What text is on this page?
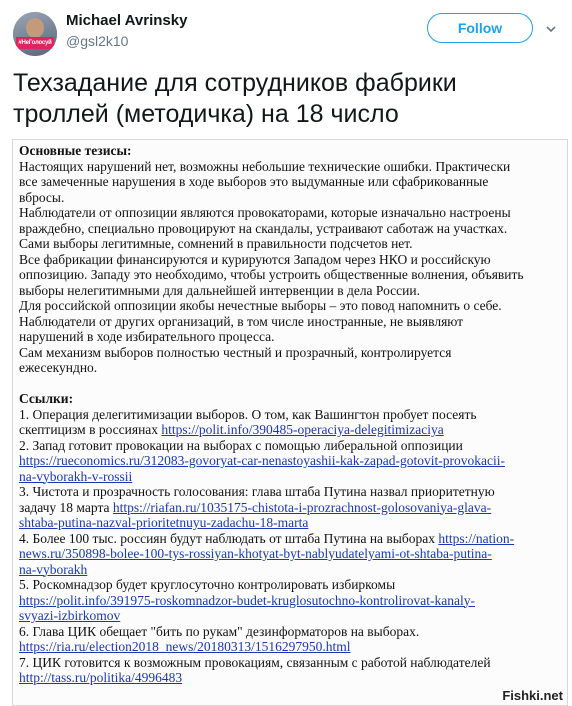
#НеГолосуй
Michael Avrinsky
@gsl2k10
Follow

Техзадание для сотрудников фабрики троллей (методичка) на 18 число

Основные тезисы:
Настоящих нарушений нет, возможны небольшие технические ошибки. Практически
все замеченные нарушения в ходе выборов это выдуманные или сфабрикованные
вбросы.
Наблюдатели от оппозиции являются провокаторами, которые изначально настроены
враждебно, специально провоцируют на скандалы, устраивают саботаж на участках.
Сами выборы легитимные, сомнений в правильности подсчетов нет.
Все фабрикации финансируются и курируются Западом через НКО и российскую
оппозицию. Западу это необходимо, чтобы устроить общественные волнения, объявить
выборы нелегитимными для дальнейшей интервенции в дела России.
Для российской оппозиции якобы нечестные выборы – это повод напомнить о себе.
Наблюдатели от других организаций, в том числе иностранные, не выявляют
нарушений в ходе избирательного процесса.
Сам механизм выборов полностью честный и прозрачный, контролируется
ежесекундно.
Ссылки:
1. Операция делегитимизации выборов. О том, как Вашингтон пробует посеять
скептицизм в россиянах https://polit.info/390485-operaciya-delegitimizaciya
2. Запад готовит провокации на выборах с помощью либеральной оппозиции
https://rueconomics.ru/312083-govoryat-car-nenastoyashii-kak-zapad-gotovit-provokacii-
na-vyborakh-v-rossii
3. Чистота и прозрачность голосования: глава штаба Путина назвал приоритетную
задачу 18 марта https://riafan.ru/1035175-chistota-i-prozrachnost-golosovaniya-glava-
shtaba-putina-nazval-prioritetnuyu-zadachu-18-marta
4. Более 100 тыс. россиян будут наблюдать от штаба Путина на выборах https://nation-
news.ru/350898-bolee-100-tys-rossiyan-khotyat-byt-nablyudatelyami-ot-shtaba-putina-
na-vyborakh
5. Роскомнадзор будет круглосуточно контролировать избиркомы
https://polit.info/391975-roskomnadzor-budet-kruglosutochno-kontrolirovat-kanaly-
svyazi-izbirkomov
6. Глава ЦИК обещает "бить по рукам" дезинформаторов на выборах.
https://ria.ru/election2018_news/20180313/1516297950.html
7. ЦИК готовится к возможным провокациям, связанным с работой наблюдателей
http://tass.ru/politika/4996483
Fishki.net
